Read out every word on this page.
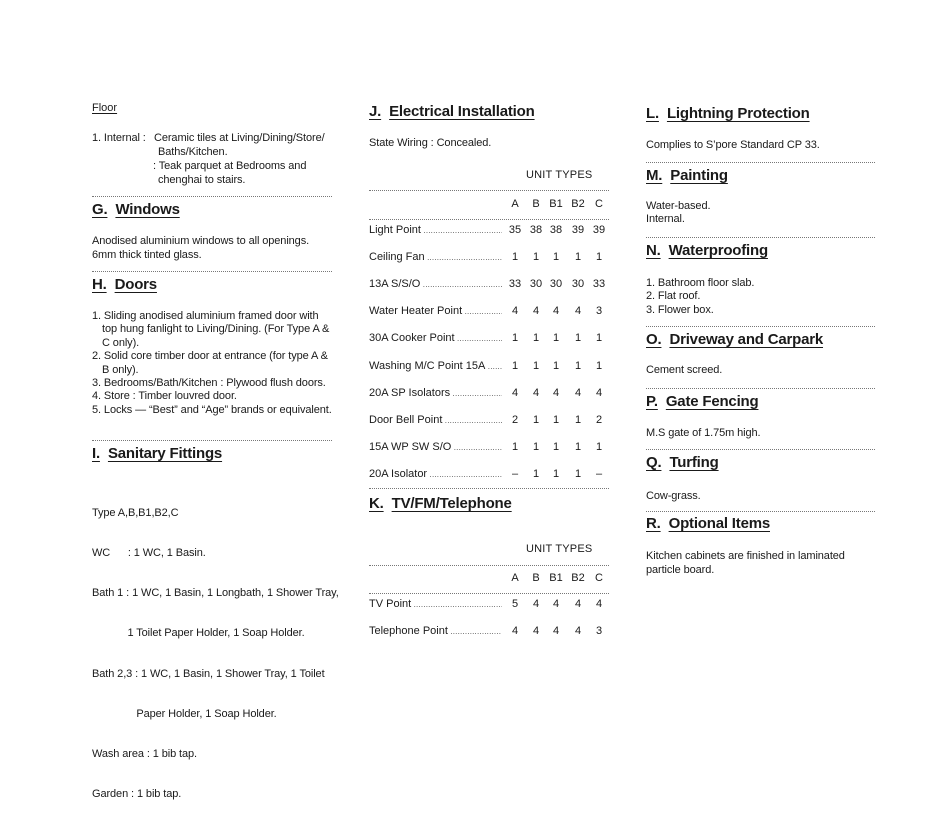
Floor
1. Internal : Ceramic tiles at Living/Dining/Store/
Baths/Kitchen.
: Teak parquet at Bedrooms and
chenghai to stairs.
G. Windows
Anodised aluminium windows to all openings.
6mm thick tinted glass.
H. Doors
1. Sliding anodised aluminium framed door with top hung fanlight to Living/Dining. (For Type A & C only).
2. Solid core timber door at entrance (for type A & B only).
3. Bedrooms/Bath/Kitchen : Plywood flush doors.
4. Store : Timber louvred door.
5. Locks — “Best” and “Age” brands or equivalent.
I. Sanitary Fittings

Type A,B,B1,B2,C

WC      : 1 WC, 1 Basin.

Bath 1 : 1 WC, 1 Basin, 1 Longbath, 1 Shower Tray,

1 Toilet Paper Holder, 1 Soap Holder.

Bath 2,3 : 1 WC, 1 Basin, 1 Shower Tray, 1 Toilet

Paper Holder, 1 Soap Holder.

Wash area : 1 bib tap.

Garden : 1 bib tap.

J. Electrical Installation
State Wiring : Concealed.
UNIT TYPES
A	B B1 B2 C
Light Point .....	35 38 38 39 39
Ceiling Fan .....	1	1	1	1	1
13A S/S/O .....	33 30 30 30 33
Water Heater Point .....	4	4	4	4	3
30A Cooker Point .....	1	1	1	1	1
Washing M/C Point 15A .....	1	1	1	1	1
20A SP Isolators .....	4	4	4	4	4
Door Bell Point .....	2	1	1	1	2
15A WP SW S/O .....	1	1	1	1	1
20A Isolator .....	–	1	1	1	–
K. TV/FM/Telephone
UNIT TYPES
A	B B1 B2 C
TV Point .....	5	4	4	4	4
Telephone Point .....	4	4	4	4	3
L. Lightning Protection
Complies to S’pore Standard CP 33.
M. Painting
Water-based.
Internal.
N. Waterproofing
1. Bathroom floor slab.
2. Flat roof.
3. Flower box.
O. Driveway and Carpark
Cement screed.
P. Gate Fencing
M.S gate of 1.75m high.
Q. Turfing
Cow-grass.
R. Optional Items
Kitchen cabinets are finished in laminated
particle board.
